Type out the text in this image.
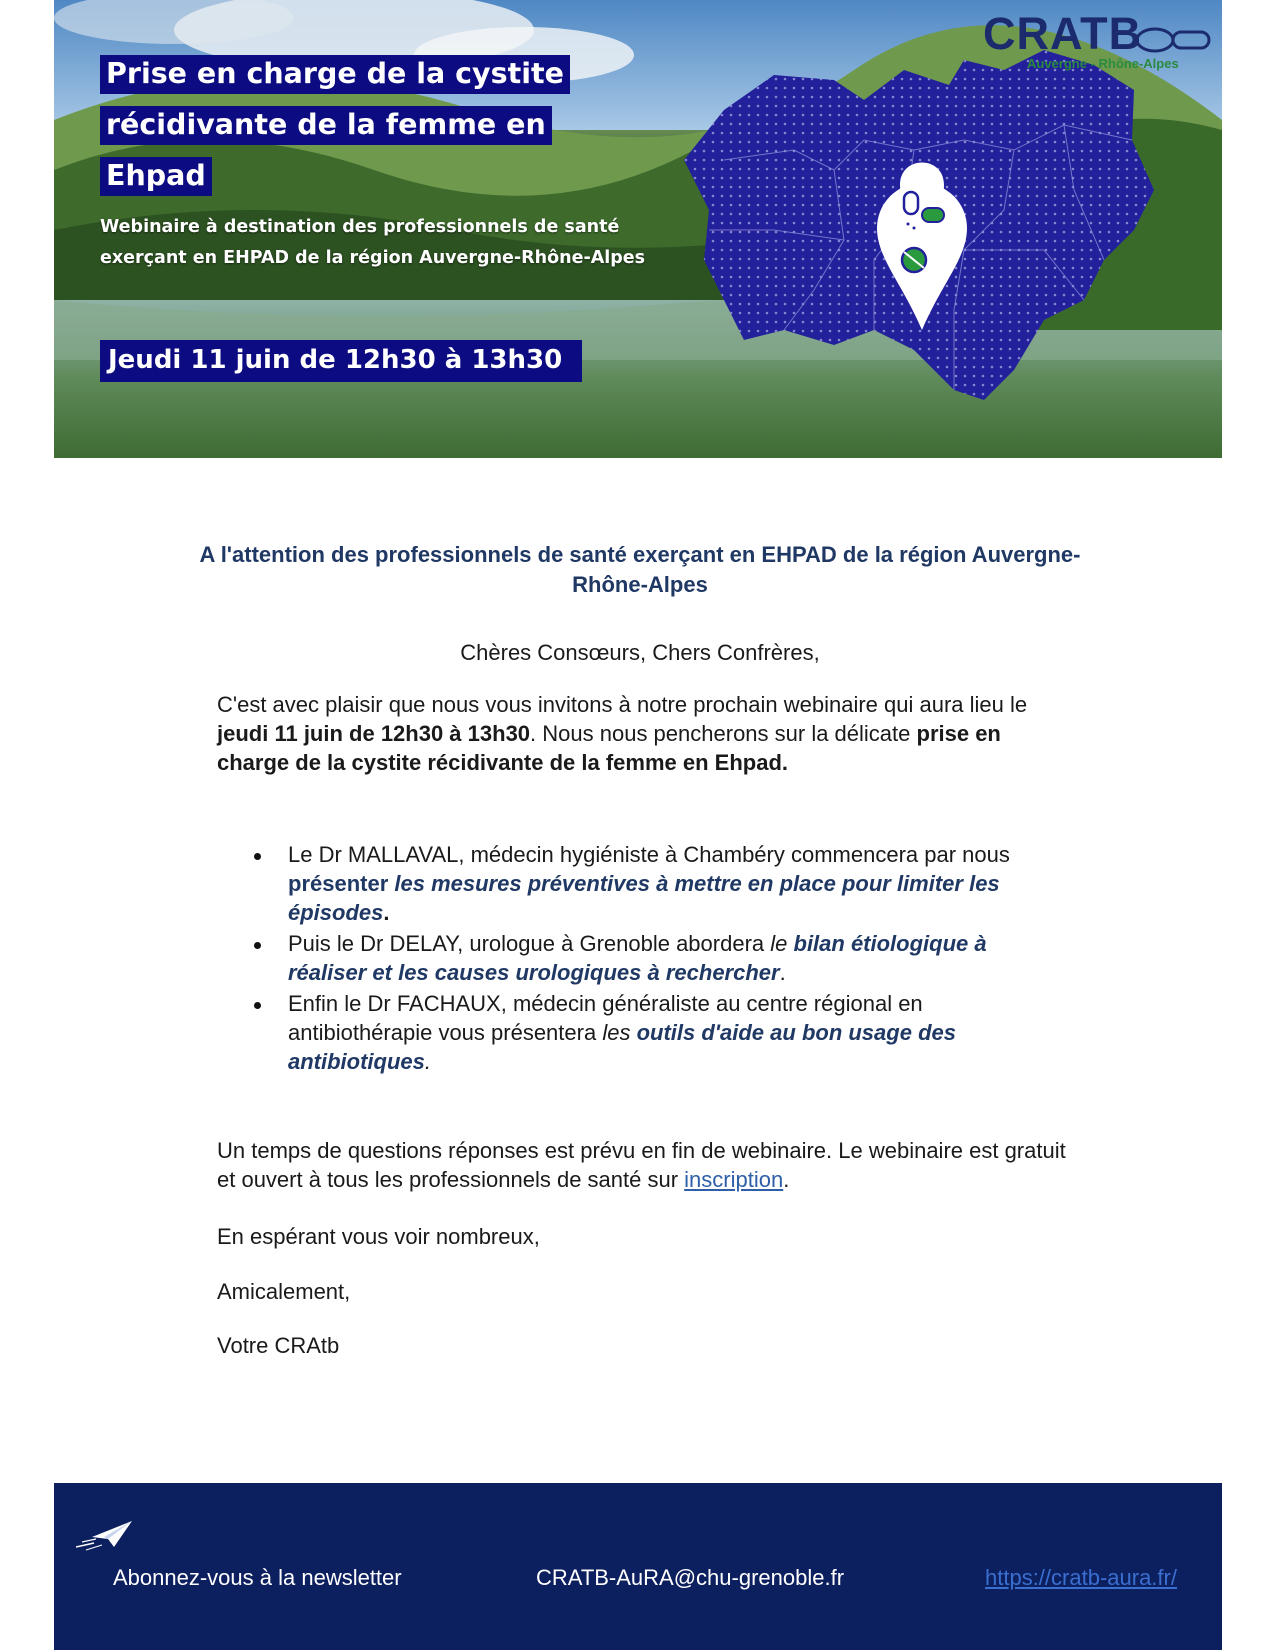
Prise en charge de la cystite
récidivante de la femme en Ehpad
Webinaire à destination des professionnels de santé
exerçant en EHPAD de la région Auvergne-Rhône-Alpes
Jeudi 11 juin de 12h30 à 13h30
CRATB
Auvergne - Rhône-Alpes
A l'attention des professionnels de santé exerçant en EHPAD de la région Auvergne-Rhône-Alpes
Chères Consœurs, Chers Confrères,
C'est avec plaisir que nous vous invitons à notre prochain webinaire qui aura lieu le jeudi 11 juin de 12h30 à 13h30. Nous nous pencherons sur la délicate prise en charge de la cystite récidivante de la femme en Ehpad.
Le Dr MALLAVAL, médecin hygiéniste à Chambéry commencera par nous présenter les mesures préventives à mettre en place pour limiter les épisodes.
Puis le Dr DELAY, urologue à Grenoble abordera le bilan étiologique à réaliser et les causes urologiques à rechercher.
Enfin le Dr FACHAUX, médecin généraliste au centre régional en antibiothérapie vous présentera les outils d'aide au bon usage des antibiotiques.
Un temps de questions réponses est prévu en fin de webinaire. Le webinaire est gratuit et ouvert à tous les professionnels de santé sur inscription.
En espérant vous voir nombreux,
Amicalement,
Votre CRAtb
Abonnez-vous à la newsletter	CRATB-AuRA@chu-grenoble.fr	https://cratb-aura.fr/
